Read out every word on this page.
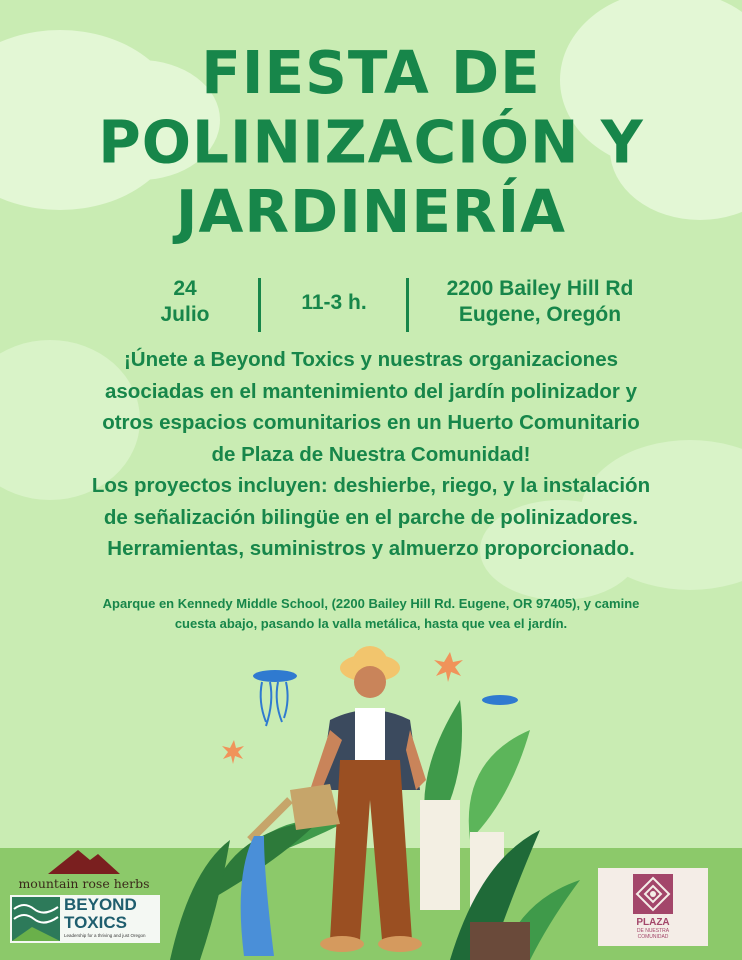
FIESTA DE
POLINIZACIÓN Y
JARDINERÍA
24
Julio
11-3 h.
2200 Bailey Hill Rd
Eugene, Oregón
¡Únete a Beyond Toxics y nuestras organizaciones
asociadas en el mantenimiento del jardín polinizador y
otros espacios comunitarios en un Huerto Comunitario
de Plaza de Nuestra Comunidad!
Los proyectos incluyen: deshierbe, riego, y la instalación
de señalización bilingüe en el parche de polinizadores.
Herramientas, suministros y almuerzo proporcionado.
Aparque en Kennedy Middle School, (2200 Bailey Hill Rd. Eugene, OR 97405), y camine
cuesta abajo, pasando la valla metálica, hasta que vea el jardín.
mountain rose herbs
BEYOND
TOXICS
Leadership for a thriving and just Oregon
PLAZA
DE NUESTRA
COMUNIDAD
